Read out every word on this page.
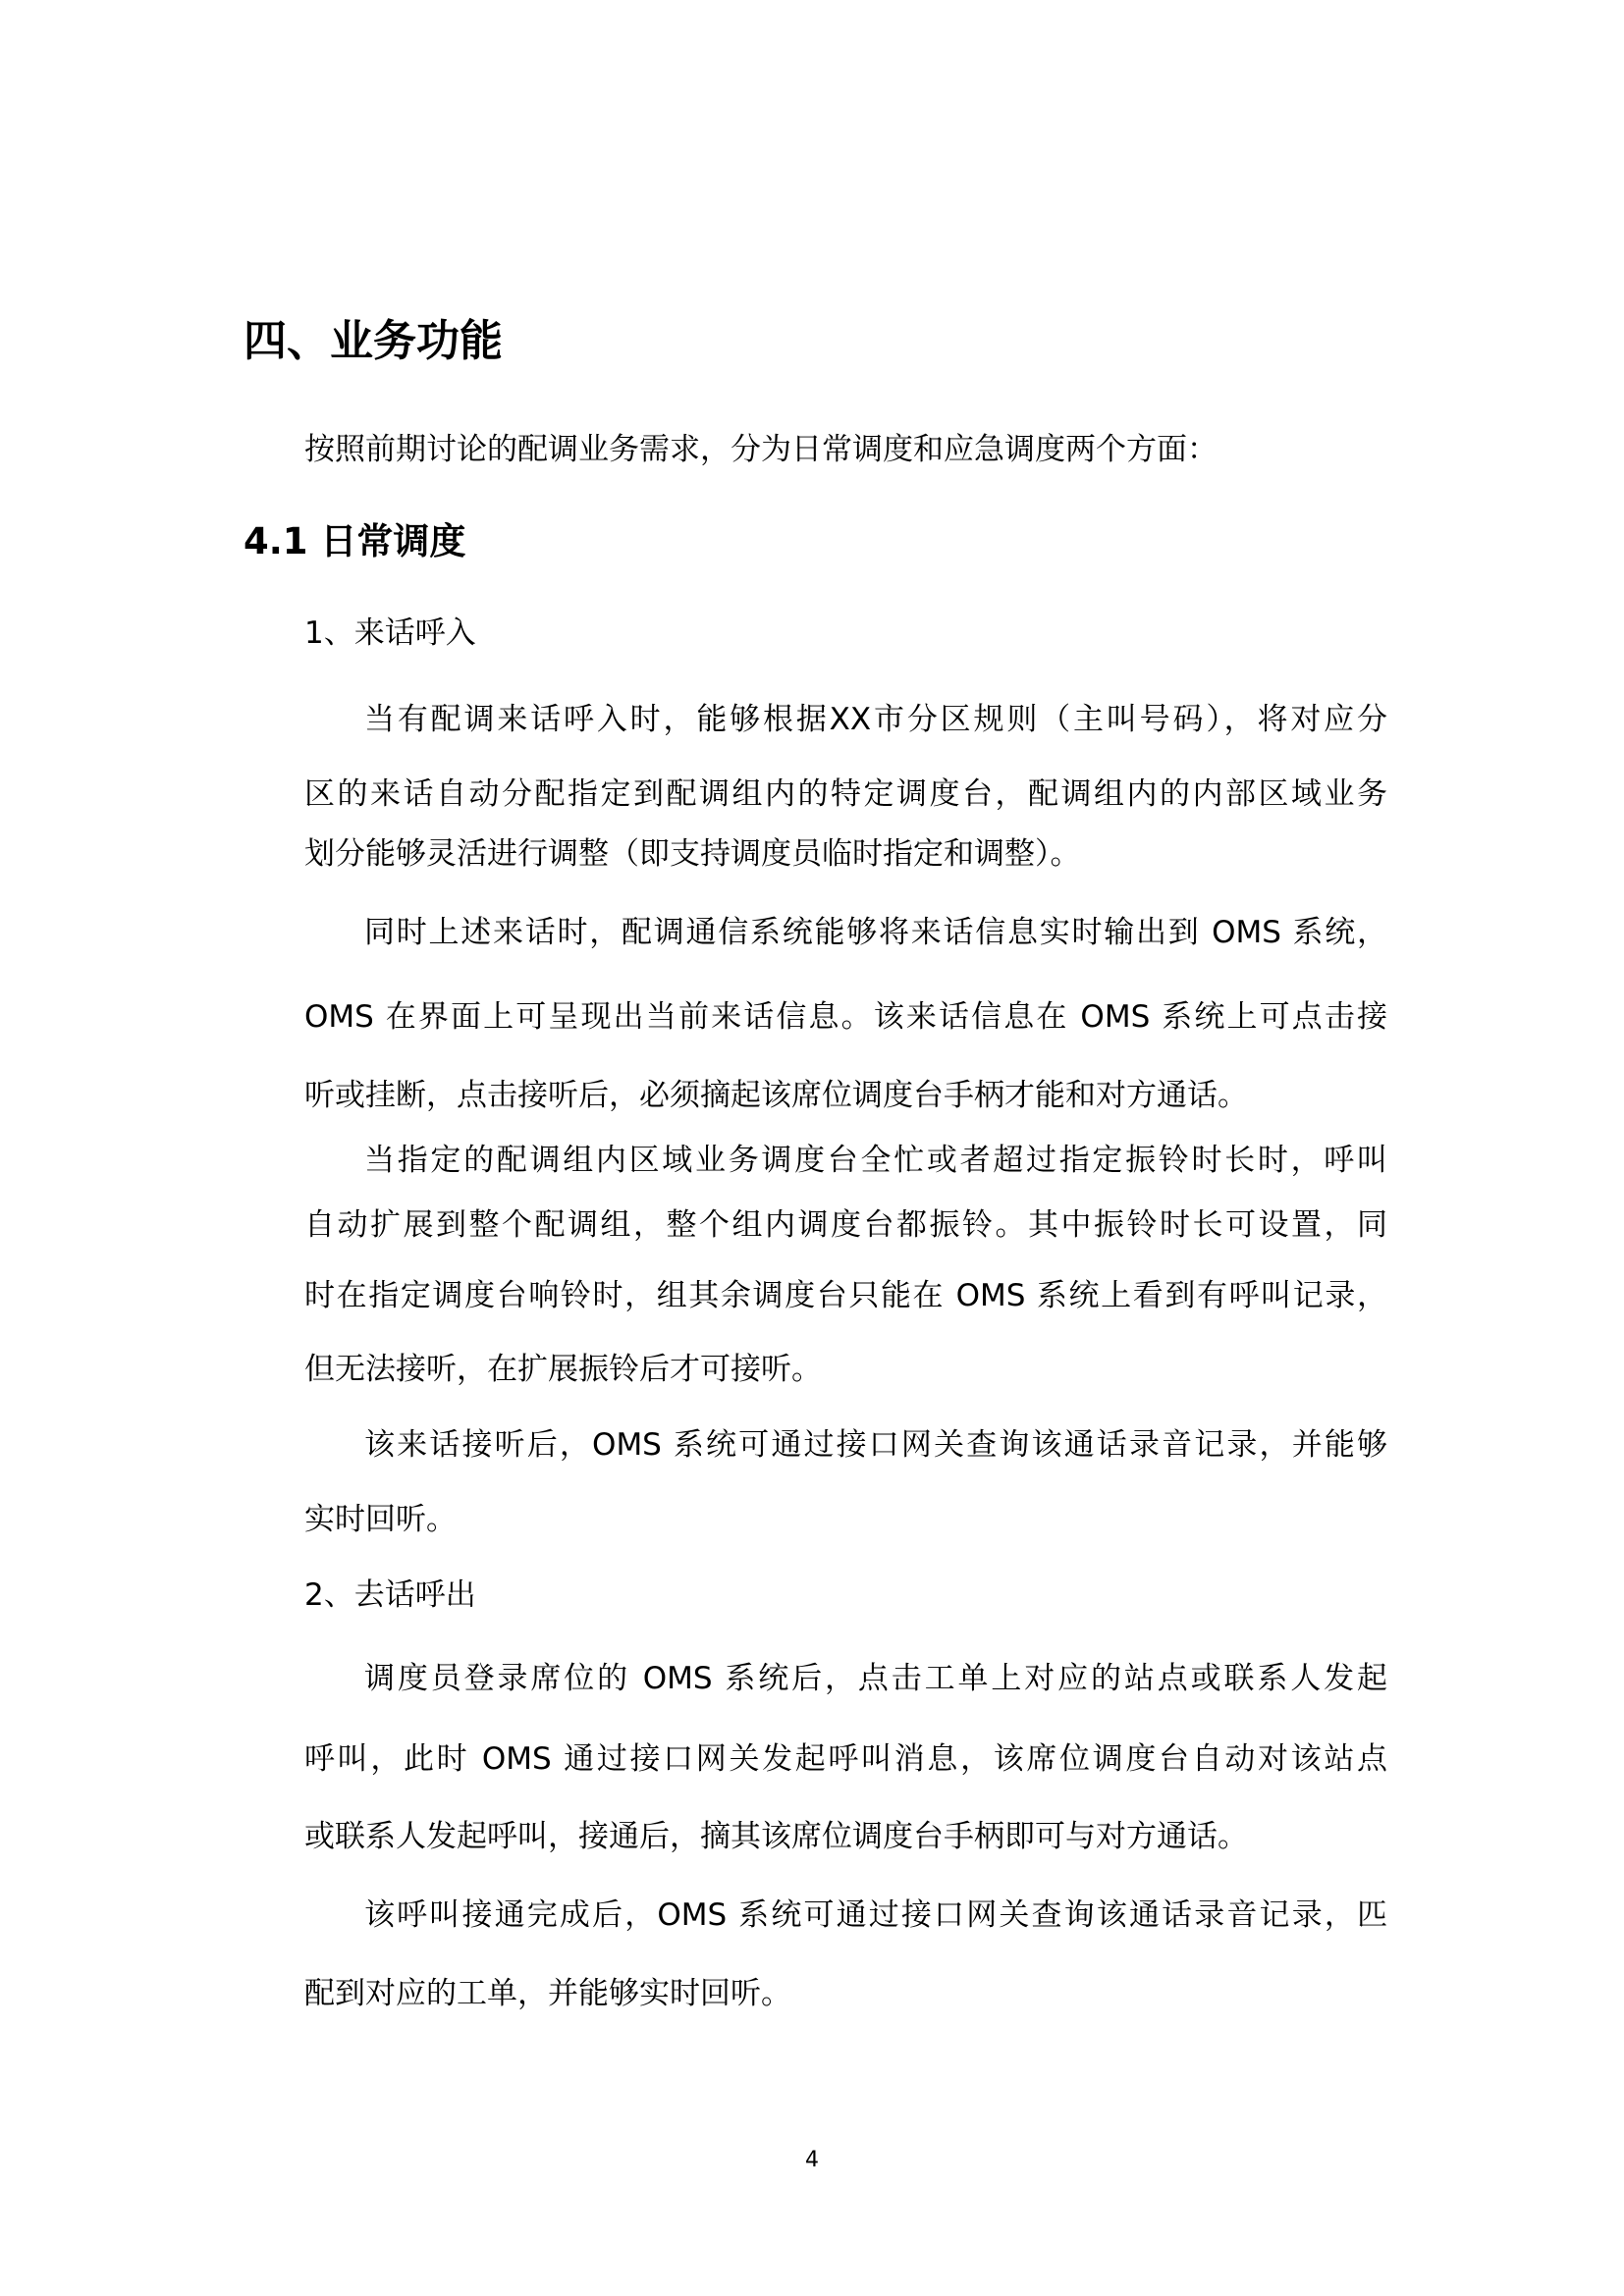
四、业务功能
按照前期讨论的配调业务需求，分为日常调度和应急调度两个方面：
4.1 日常调度
1、来话呼入
当有配调来话呼入时，能够根据XX市分区规则（主叫号码），将对应分
区的来话自动分配指定到配调组内的特定调度台，配调组内的内部区域业务
划分能够灵活进行调整（即支持调度员临时指定和调整）。
同时上述来话时，配调通信系统能够将来话信息实时输出到 OMS 系统，
OMS 在界面上可呈现出当前来话信息。该来话信息在 OMS 系统上可点击接
听或挂断，点击接听后，必须摘起该席位调度台手柄才能和对方通话。
当指定的配调组内区域业务调度台全忙或者超过指定振铃时长时，呼叫
自动扩展到整个配调组，整个组内调度台都振铃。其中振铃时长可设置，同
时在指定调度台响铃时，组其余调度台只能在 OMS 系统上看到有呼叫记录，
但无法接听，在扩展振铃后才可接听。
该来话接听后，OMS 系统可通过接口网关查询该通话录音记录，并能够
实时回听。
2、去话呼出
调度员登录席位的 OMS 系统后，点击工单上对应的站点或联系人发起
呼叫，此时 OMS 通过接口网关发起呼叫消息，该席位调度台自动对该站点
或联系人发起呼叫，接通后，摘其该席位调度台手柄即可与对方通话。
该呼叫接通完成后，OMS 系统可通过接口网关查询该通话录音记录，匹
配到对应的工单，并能够实时回听。
4
